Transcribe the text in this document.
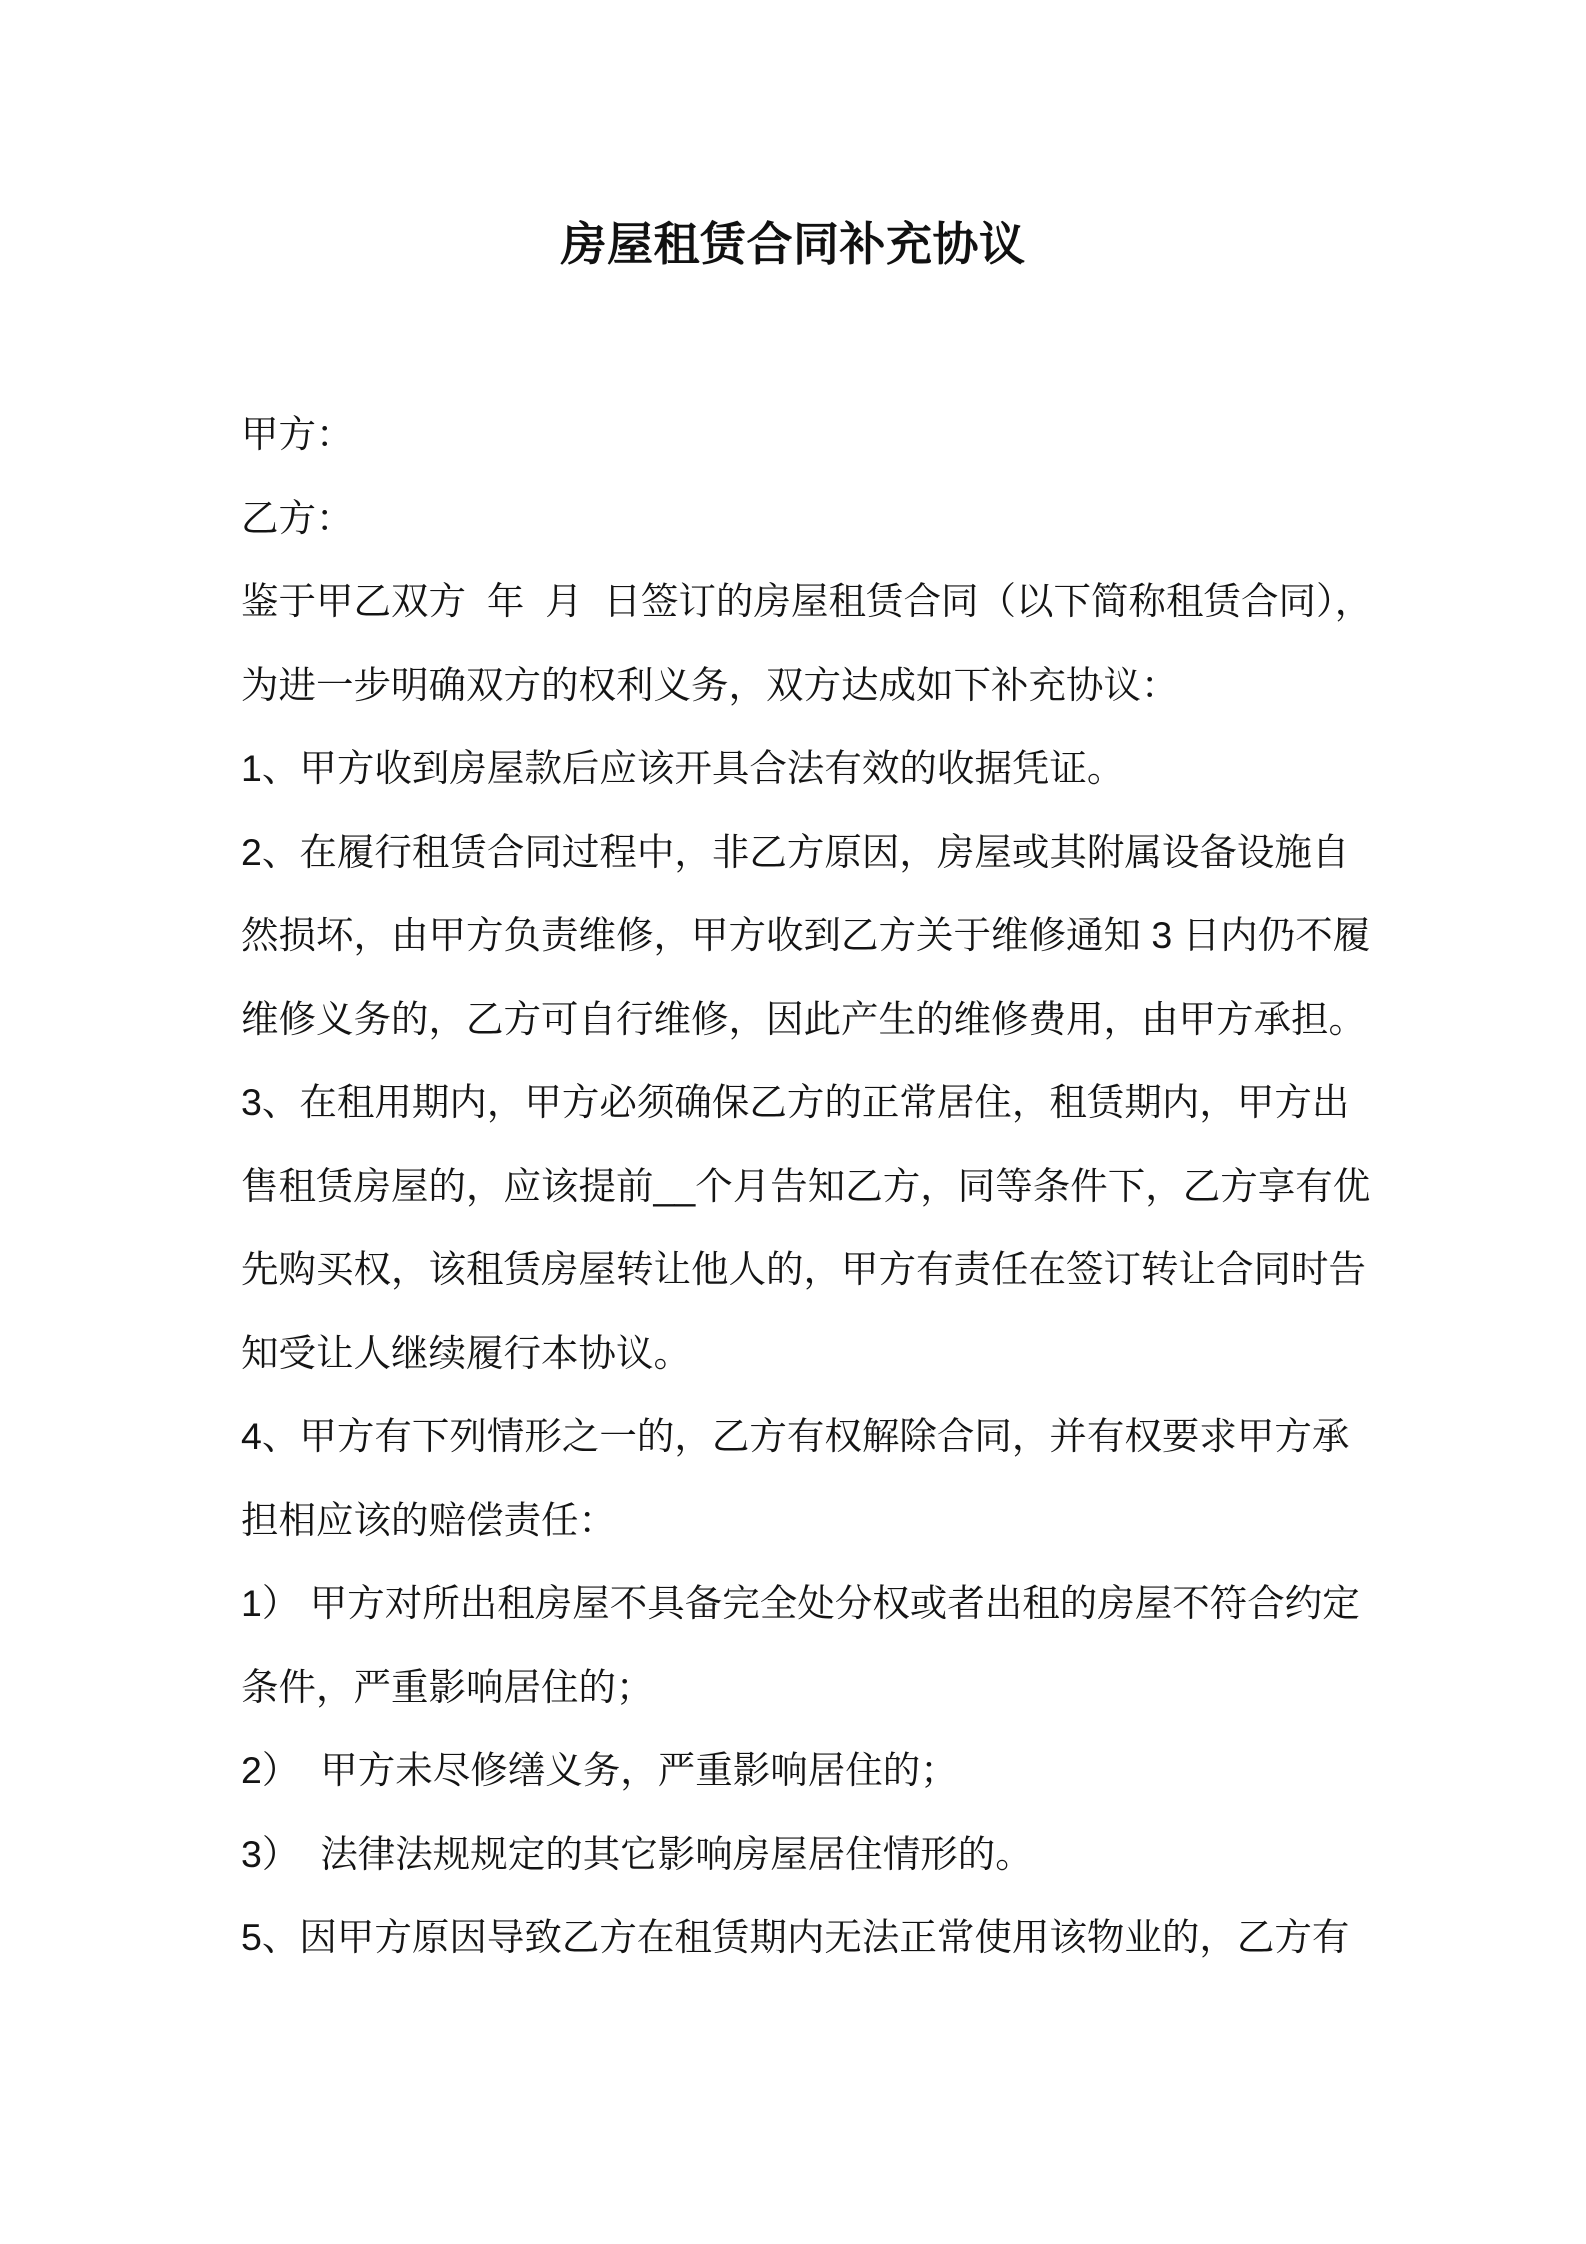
房屋租赁合同补充协议
甲方：
乙方：
鉴于甲乙双方  年  月  日签订的房屋租赁合同（以下简称租赁合同），
为进一步明确双方的权利义务，双方达成如下补充协议：
1、甲方收到房屋款后应该开具合法有效的收据凭证。
2、在履行租赁合同过程中，非乙方原因，房屋或其附属设备设施自
然损坏，由甲方负责维修，甲方收到乙方关于维修通知 3 日内仍不履
维修义务的，乙方可自行维修，因此产生的维修费用，由甲方承担。
3、在租用期内，甲方必须确保乙方的正常居住，租赁期内，甲方出
售租赁房屋的，应该提前__个月告知乙方，同等条件下，乙方享有优
先购买权，该租赁房屋转让他人的，甲方有责任在签订转让合同时告
知受让人继续履行本协议。
4、甲方有下列情形之一的，乙方有权解除合同，并有权要求甲方承
担相应该的赔偿责任：
1） 甲方对所出租房屋不具备完全处分权或者出租的房屋不符合约定
条件，严重影响居住的；
2）  甲方未尽修缮义务，严重影响居住的；
3）  法律法规规定的其它影响房屋居住情形的。
5、因甲方原因导致乙方在租赁期内无法正常使用该物业的，乙方有
